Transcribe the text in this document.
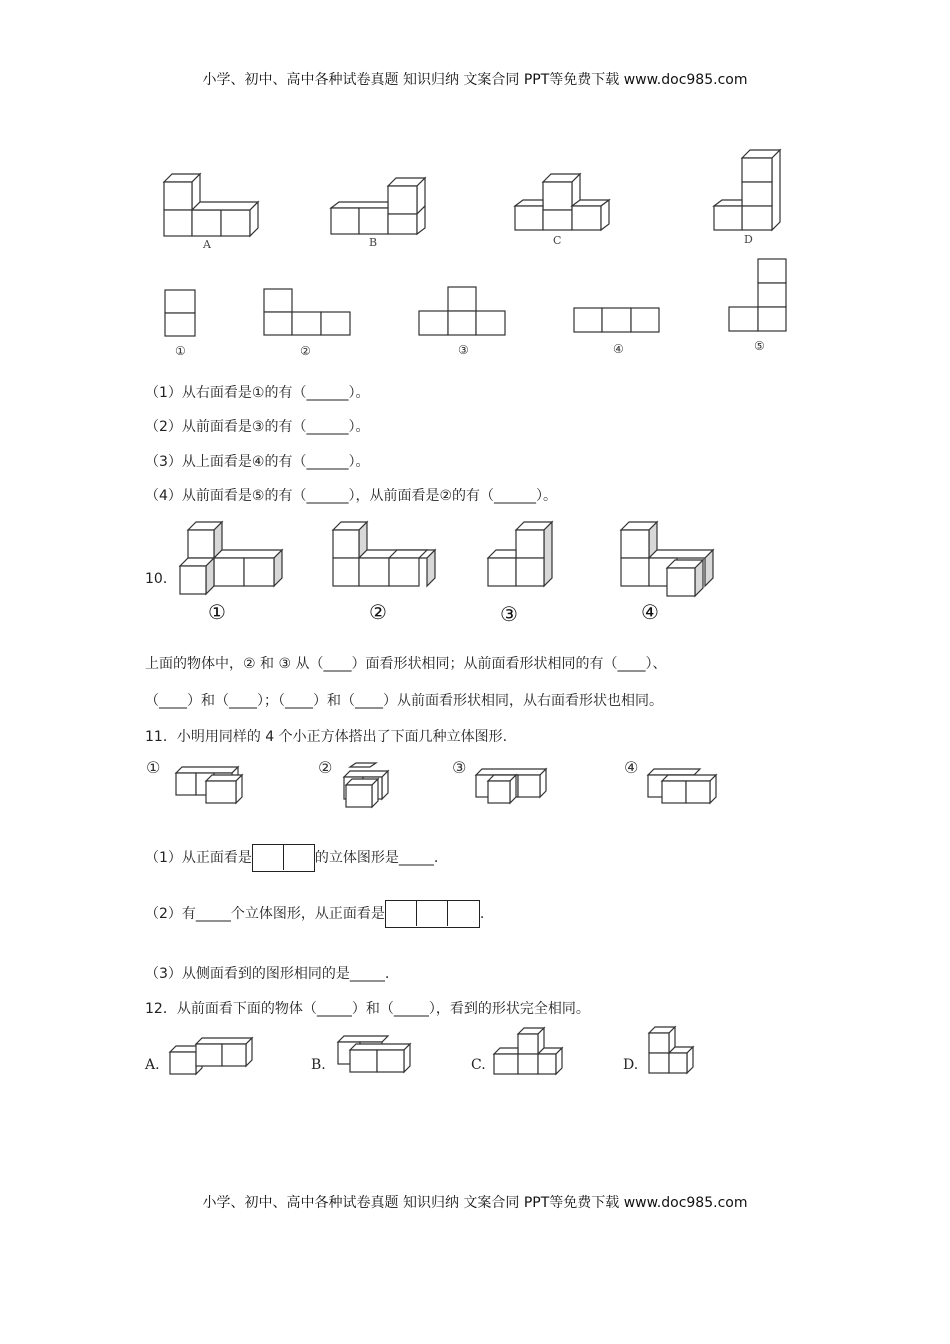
小学、初中、高中各种试卷真题 知识归纳 文案合同 PPT等免费下载 www.doc985.com
A	B	C	D
①	②	③	④	⑤
（1）从右面看是①的有（______）。
（2）从前面看是③的有（______）。
（3）从上面看是④的有（______）。
（4）从前面看是⑤的有（______），从前面看是②的有（______）。
10．
①	②	③	④
上面的物体中，② 和 ③ 从（____）面看形状相同；从前面看形状相同的有（____）、
（____）和（____）；（____）和（____）从前面看形状相同，从右面看形状也相同。
11．小明用同样的 4 个小正方体搭出了下面几种立体图形.
①	②	③	④
（1）从正面看是	的立体图形是_____.
（2）有_____个立体图形，从正面看是	.
（3）从侧面看到的图形相同的是_____.
12．从前面看下面的物体（_____）和（_____），看到的形状完全相同。
A.	B.	C.	D.
小学、初中、高中各种试卷真题 知识归纳 文案合同 PPT等免费下载 www.doc985.com
